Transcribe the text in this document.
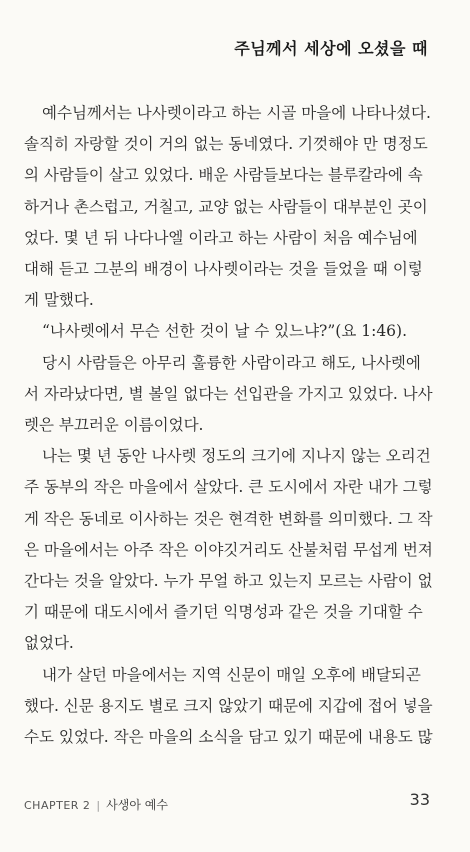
주님께서 세상에 오셨을 때
예수님께서는 나사렛이라고 하는 시골 마을에 나타나셨다.
솔직히 자랑할 것이 거의 없는 동네였다. 기껏해야 만 명정도
의 사람들이 살고 있었다. 배운 사람들보다는 블루칼라에 속
하거나 촌스럽고, 거칠고, 교양 없는 사람들이 대부분인 곳이
었다. 몇 년 뒤 나다나엘 이라고 하는 사람이 처음 예수님에
대해 듣고 그분의 배경이 나사렛이라는 것을 들었을 때 이렇
게 말했다.
“나사렛에서 무슨 선한 것이 날 수 있느냐?”(요 1:46).
당시 사람들은 아무리 훌륭한 사람이라고 해도, 나사렛에
서 자라났다면, 별 볼일 없다는 선입관을 가지고 있었다. 나사
렛은 부끄러운 이름이었다.
나는 몇 년 동안 나사렛 정도의 크기에 지나지 않는 오리건
주 동부의 작은 마을에서 살았다. 큰 도시에서 자란 내가 그렇
게 작은 동네로 이사하는 것은 현격한 변화를 의미했다. 그 작
은 마을에서는 아주 작은 이야깃거리도 산불처럼 무섭게 번져
간다는 것을 알았다. 누가 무얼 하고 있는지 모르는 사람이 없
기 때문에 대도시에서 즐기던 익명성과 같은 것을 기대할 수
없었다.
내가 살던 마을에서는 지역 신문이 매일 오후에 배달되곤
했다. 신문 용지도 별로 크지 않았기 때문에 지갑에 접어 넣을
수도 있었다. 작은 마을의 소식을 담고 있기 때문에 내용도 많
CHAPTER 2 | 사생아 예수	33
